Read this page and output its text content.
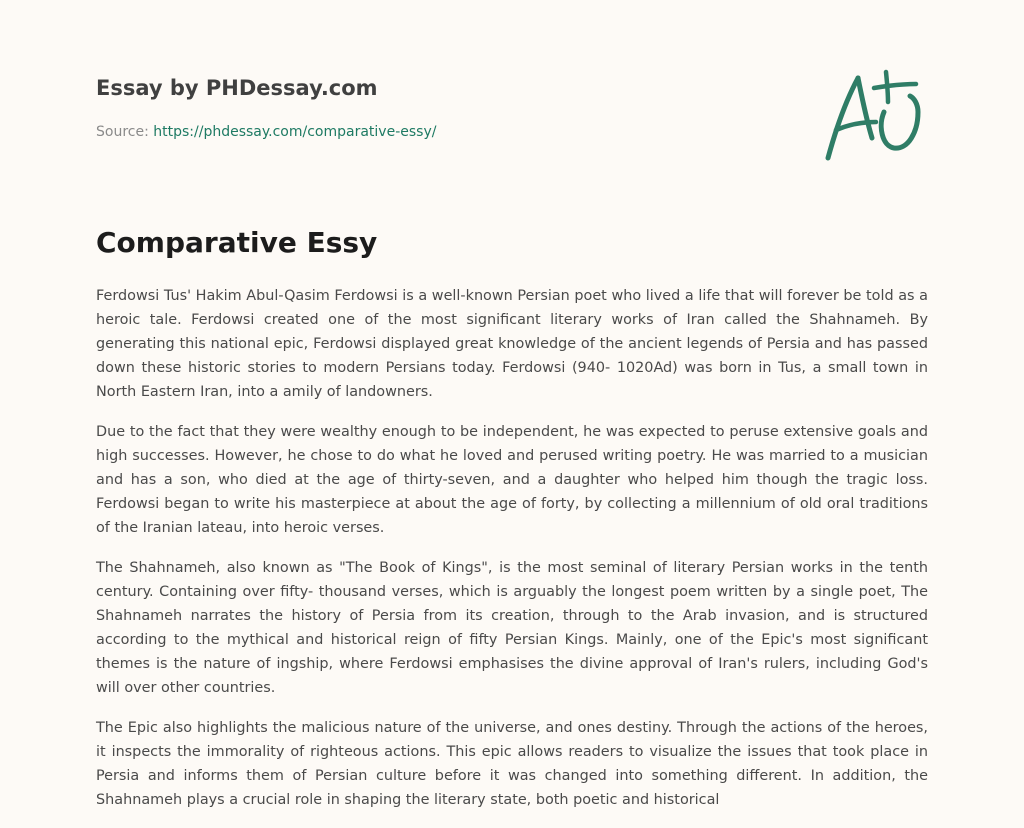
Essay by PHDessay.com
Source: https://phdessay.com/comparative-essy/
Comparative Essy

Ferdowsi Tus' Hakim Abul-Qasim Ferdowsi is a well-known Persian poet who lived a life that will forever be told as a heroic tale. Ferdowsi created one of the most significant literary works of Iran called the Shahnameh. By generating this national epic, Ferdowsi displayed great knowledge of the ancient legends of Persia and has passed down these historic stories to modern Persians today. Ferdowsi (940- 1020Ad) was born in Tus, a small town in North Eastern Iran, into a amily of landowners.

Due to the fact that they were wealthy enough to be independent, he was expected to peruse extensive goals and high successes. However, he chose to do what he loved and perused writing poetry. He was married to a musician and has a son, who died at the age of thirty-seven, and a daughter who helped him though the tragic loss. Ferdowsi began to write his masterpiece at about the age of forty, by collecting a millennium of old oral traditions of the Iranian lateau, into heroic verses.

The Shahnameh, also known as "The Book of Kings", is the most seminal of literary Persian works in the tenth century. Containing over fifty- thousand verses, which is arguably the longest poem written by a single poet, The Shahnameh narrates the history of Persia from its creation, through to the Arab invasion, and is structured according to the mythical and historical reign of fifty Persian Kings. Mainly, one of the Epic's most significant themes is the nature of ingship, where Ferdowsi emphasises the divine approval of Iran's rulers, including God's will over other countries.

The Epic also highlights the malicious nature of the universe, and ones destiny. Through the actions of the heroes, it inspects the immorality of righteous actions. This epic allows readers to visualize the issues that took place in Persia and informs them of Persian culture before it was changed into something different. In addition, the Shahnameh plays a crucial role in shaping the literary state, both poetic and historical
